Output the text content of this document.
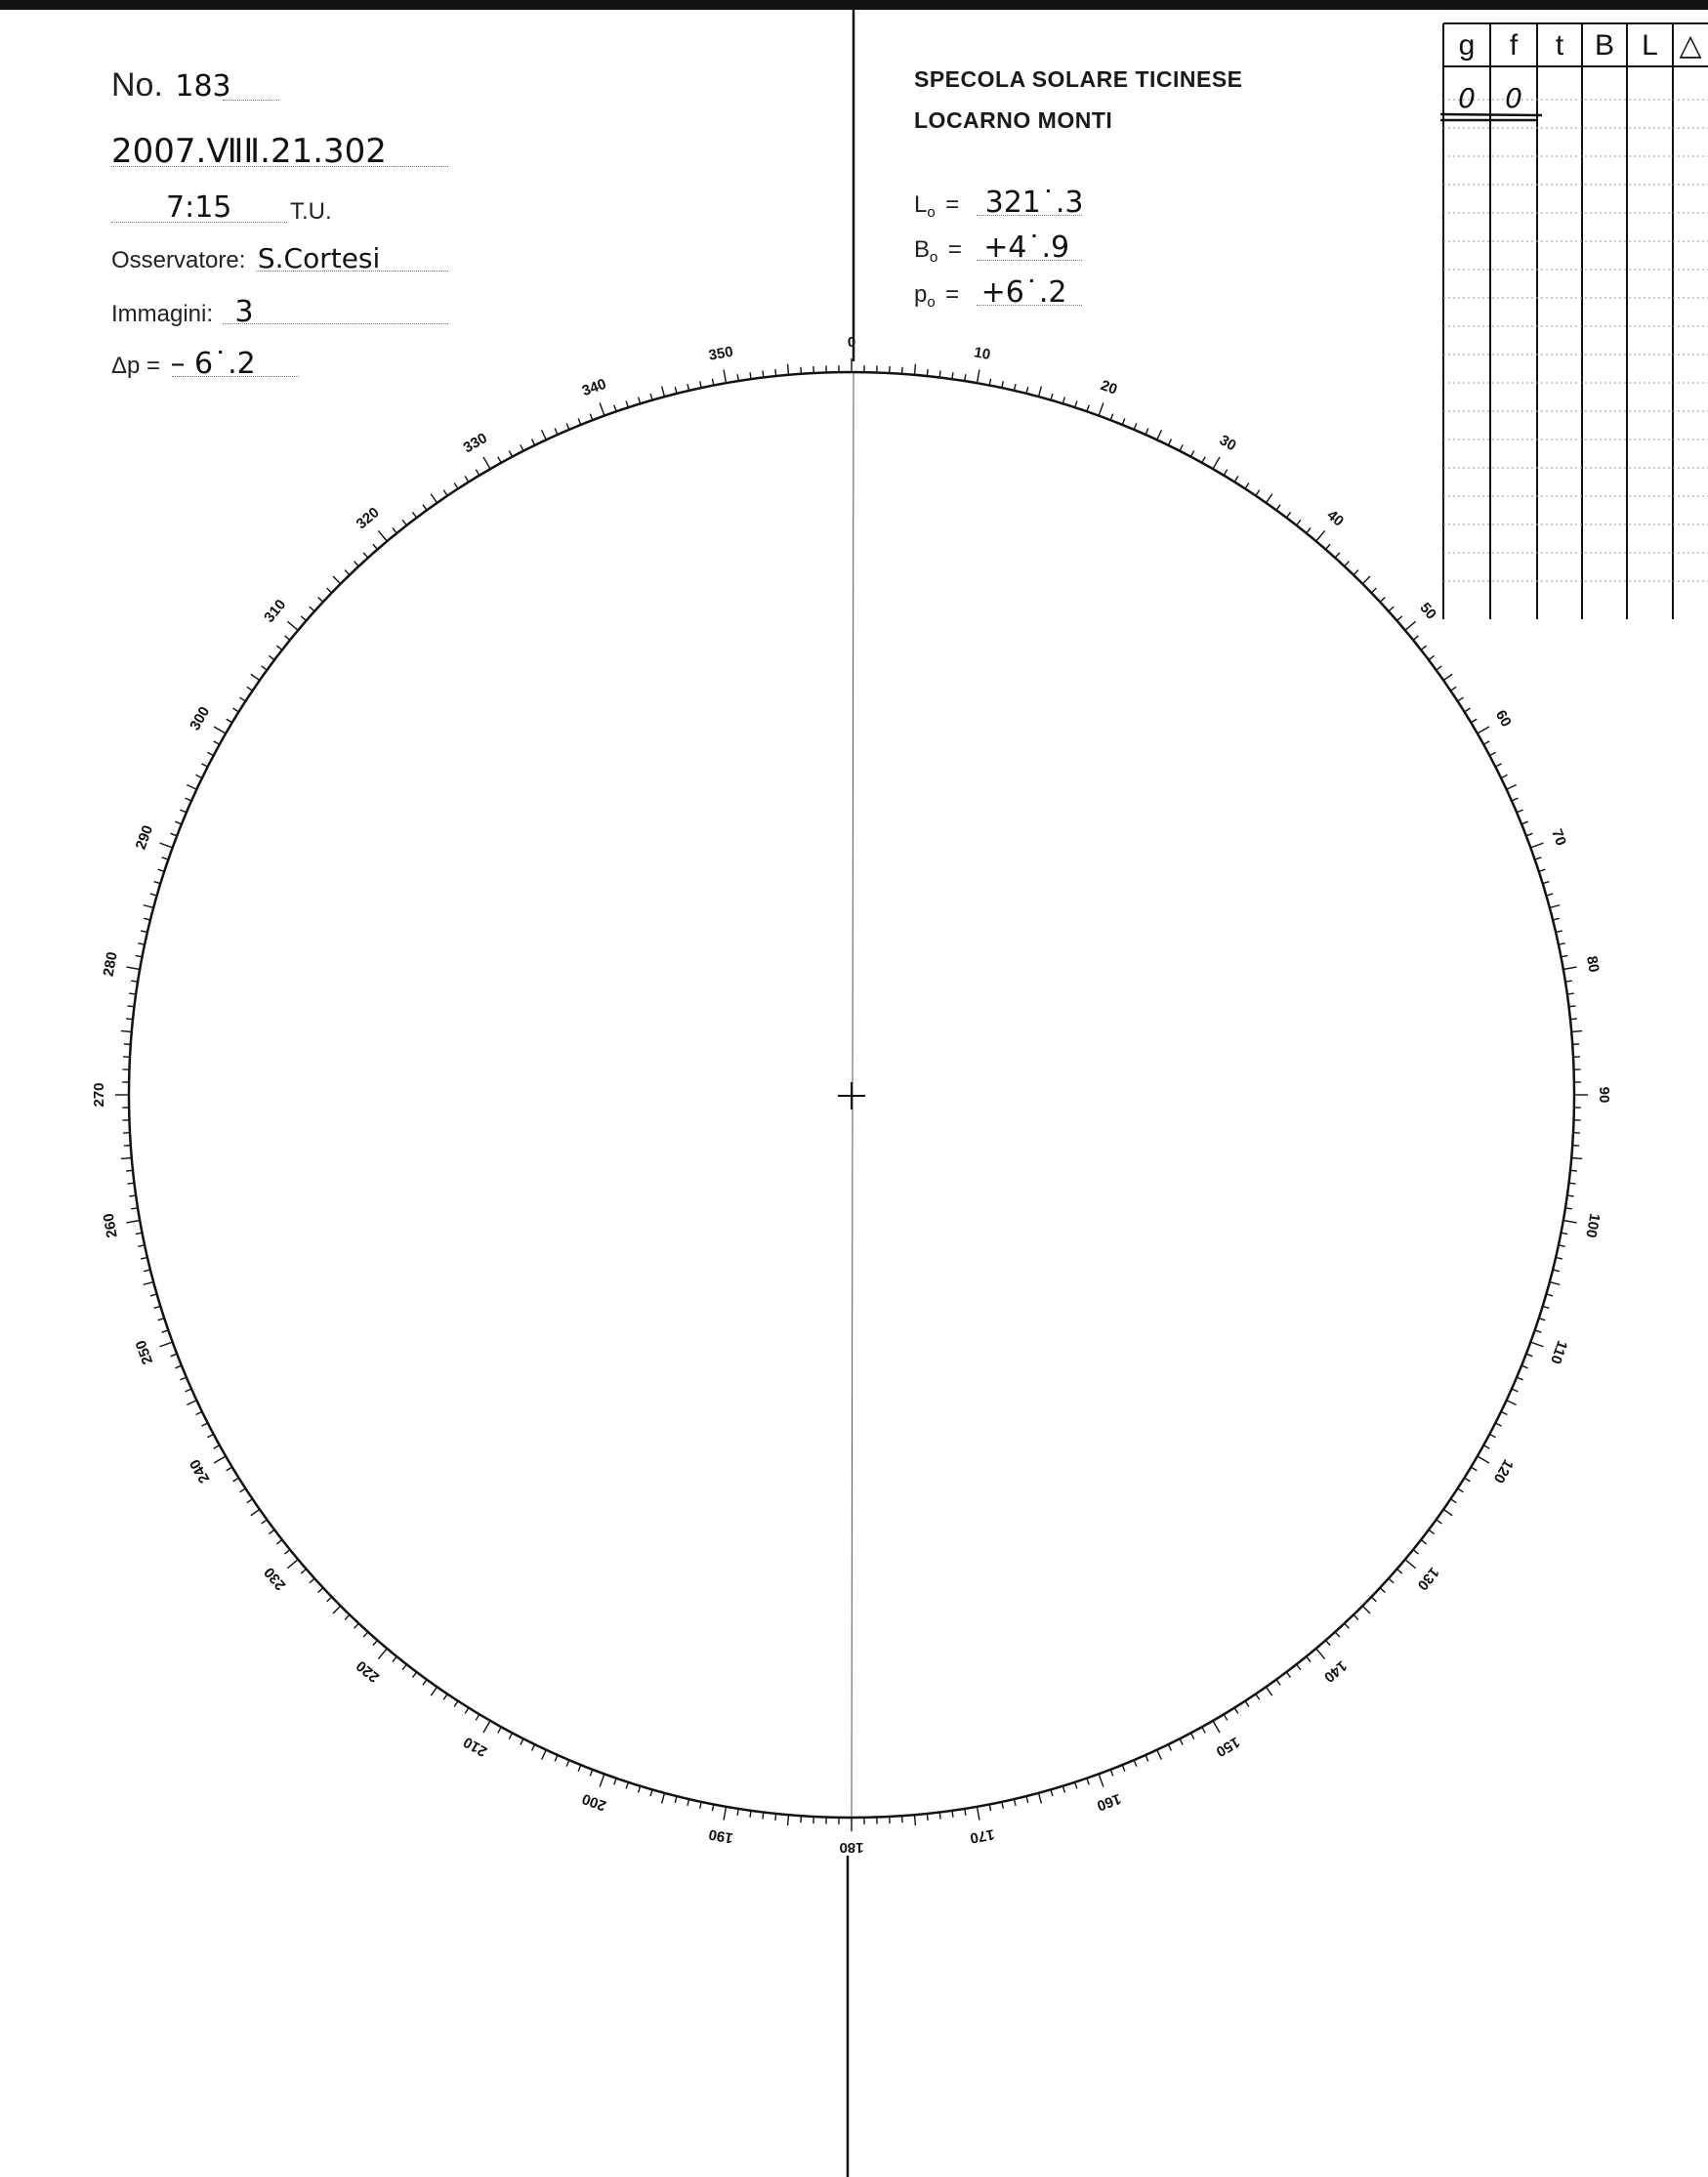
No. 183
2007.ⅦⅡ.21.302
7:15 T.U.
Osservatore: S.Cortesi
Immagini: 3
Δp = – 6˙.2
SPECOLA SOLARE TICINESE
LOCARNO MONTI
Lo = 321˙.3
Bo = +4˙.9
po = +6˙.2
0
10
20
30
40
50
60
70
80
90
100
110
120
130
140
150
160
170
180
190
200
210
220
230
240
250
260
270
280
290
300
310
320
330
340
350
g f t B L △
0 0
